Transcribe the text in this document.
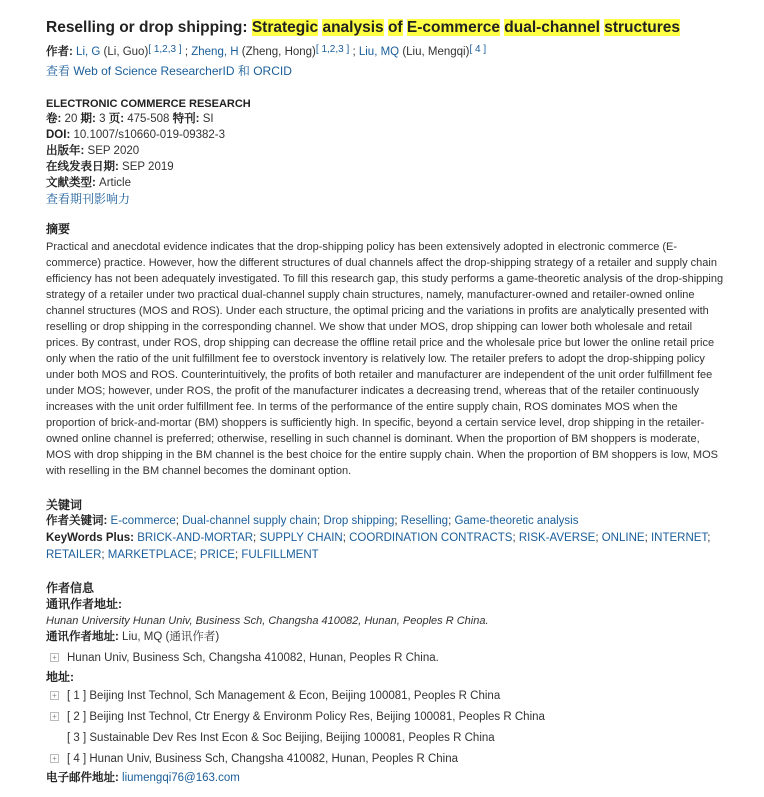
Reselling or drop shipping: Strategic analysis of E-commerce dual-channel structures
作者: Li, G (Li, Guo)[ 1,2,3 ] ; Zheng, H (Zheng, Hong)[ 1,2,3 ] ; Liu, MQ (Liu, Mengqi)[ 4 ]
查看 Web of Science ResearcherID 和 ORCID
ELECTRONIC COMMERCE RESEARCH
卷: 20 期: 3 页: 475-508 特刊: SI
DOI: 10.1007/s10660-019-09382-3
出版年: SEP 2020
在线发表日期: SEP 2019
文献类型: Article
查看期刊影响力
摘要
Practical and anecdotal evidence indicates that the drop-shipping policy has been extensively adopted in electronic commerce (E-commerce) practice. However, how the different structures of dual channels affect the drop-shipping strategy of a retailer and supply chain efficiency has not been adequately investigated. To fill this research gap, this study performs a game-theoretic analysis of the drop-shipping strategy of a retailer under two practical dual-channel supply chain structures, namely, manufacturer-owned and retailer-owned online channel structures (MOS and ROS). Under each structure, the optimal pricing and the variations in profits are analytically presented with reselling or drop shipping in the corresponding channel. We show that under MOS, drop shipping can lower both wholesale and retail prices. By contrast, under ROS, drop shipping can decrease the offline retail price and the wholesale price but lower the online retail price only when the ratio of the unit fulfillment fee to overstock inventory is relatively low. The retailer prefers to adopt the drop-shipping policy under both MOS and ROS. Counterintuitively, the profits of both retailer and manufacturer are independent of the unit order fulfillment fee under MOS; however, under ROS, the profit of the manufacturer indicates a decreasing trend, whereas that of the retailer continuously increases with the unit order fulfillment fee. In terms of the performance of the entire supply chain, ROS dominates MOS when the proportion of brick-and-mortar (BM) shoppers is sufficiently high. In specific, beyond a certain service level, drop shipping in the retailer-owned online channel is preferred; otherwise, reselling in such channel is dominant. When the proportion of BM shoppers is moderate, MOS with drop shipping in the BM channel is the best choice for the entire supply chain. When the proportion of BM shoppers is low, MOS with reselling in the BM channel becomes the dominant option.
关键词
作者关键词: E-commerce; Dual-channel supply chain; Drop shipping; Reselling; Game-theoretic analysis
KeyWords Plus: BRICK-AND-MORTAR; SUPPLY CHAIN; COORDINATION CONTRACTS; RISK-AVERSE; ONLINE; INTERNET; RETAILER; MARKETPLACE; PRICE; FULFILLMENT
作者信息
通讯作者地址:
Hunan University Hunan Univ, Business Sch, Changsha 410082, Hunan, Peoples R China.
通讯作者地址: Liu, MQ (通讯作者)
+ Hunan Univ, Business Sch, Changsha 410082, Hunan, Peoples R China.
地址:
+ [ 1 ] Beijing Inst Technol, Sch Management & Econ, Beijing 100081, Peoples R China
+ [ 2 ] Beijing Inst Technol, Ctr Energy & Environm Policy Res, Beijing 100081, Peoples R China
[ 3 ] Sustainable Dev Res Inst Econ & Soc Beijing, Beijing 100081, Peoples R China
+ [ 4 ] Hunan Univ, Business Sch, Changsha 410082, Hunan, Peoples R China
电子邮件地址: liumengqi76@163.com
